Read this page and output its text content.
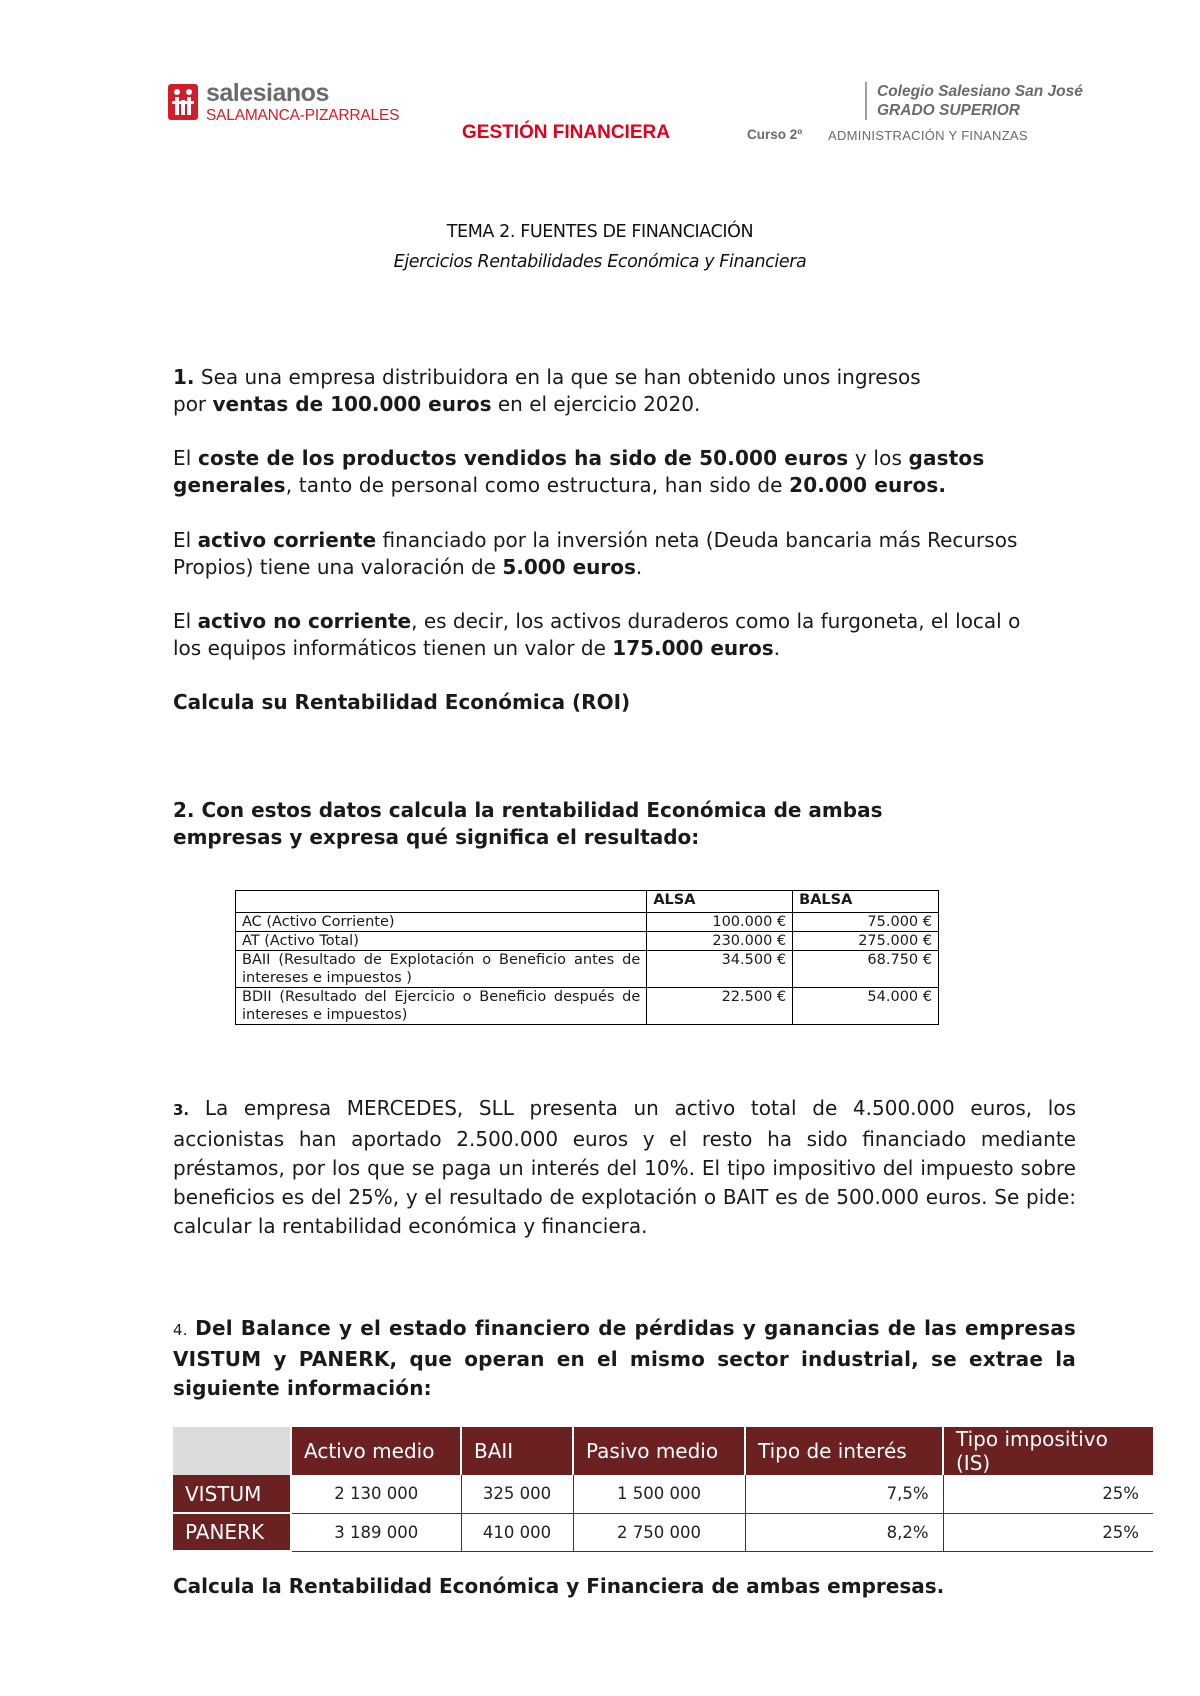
salesianos
SALAMANCA-PIZARRALES
Colegio Salesiano San José
GRADO SUPERIOR
GESTIÓN FINANCIERA	Curso 2º ADMINISTRACIÓN Y FINANZAS
TEMA 2. FUENTES DE FINANCIACIÓN
Ejercicios Rentabilidades Económica y Financiera
1. Sea una empresa distribuidora en la que se han obtenido unos ingresos
por ventas de 100.000 euros en el ejercicio 2020.
El coste de los productos vendidos ha sido de 50.000 euros y los gastos generales, tanto de personal como estructura, han sido de 20.000 euros.
El activo corriente financiado por la inversión neta (Deuda bancaria más Recursos Propios) tiene una valoración de 5.000 euros.
El activo no corriente, es decir, los activos duraderos como la furgoneta, el local o los equipos informáticos tienen un valor de 175.000 euros.
Calcula su Rentabilidad Económica (ROI)
2. Con estos datos calcula la rentabilidad Económica de ambas empresas y expresa qué significa el resultado:
	ALSA	BALSA
AC (Activo Corriente)	100.000 €	75.000 €
AT (Activo Total)	230.000 €	275.000 €
BAII (Resultado de Explotación o Beneficio antes de intereses e impuestos )	34.500 €	68.750 €
BDII (Resultado del Ejercicio o Beneficio después de intereses e impuestos)	22.500 €	54.000 €
3. La empresa MERCEDES, SLL presenta un activo total de 4.500.000 euros, los accionistas han aportado 2.500.000 euros y el resto ha sido financiado mediante préstamos, por los que se paga un interés del 10%. El tipo impositivo del impuesto sobre beneficios es del 25%, y el resultado de explotación o BAIT es de 500.000 euros. Se pide: calcular la rentabilidad económica y financiera.
4. Del Balance y el estado financiero de pérdidas y ganancias de las empresas VISTUM y PANERK, que operan en el mismo sector industrial, se extrae la siguiente información:
	Activo medio	BAII	Pasivo medio	Tipo de interés	Tipo impositivo (IS)
VISTUM	2 130 000	325 000	1 500 000	7,5%	25%
PANERK	3 189 000	410 000	2 750 000	8,2%	25%
Calcula la Rentabilidad Económica y Financiera de ambas empresas.
